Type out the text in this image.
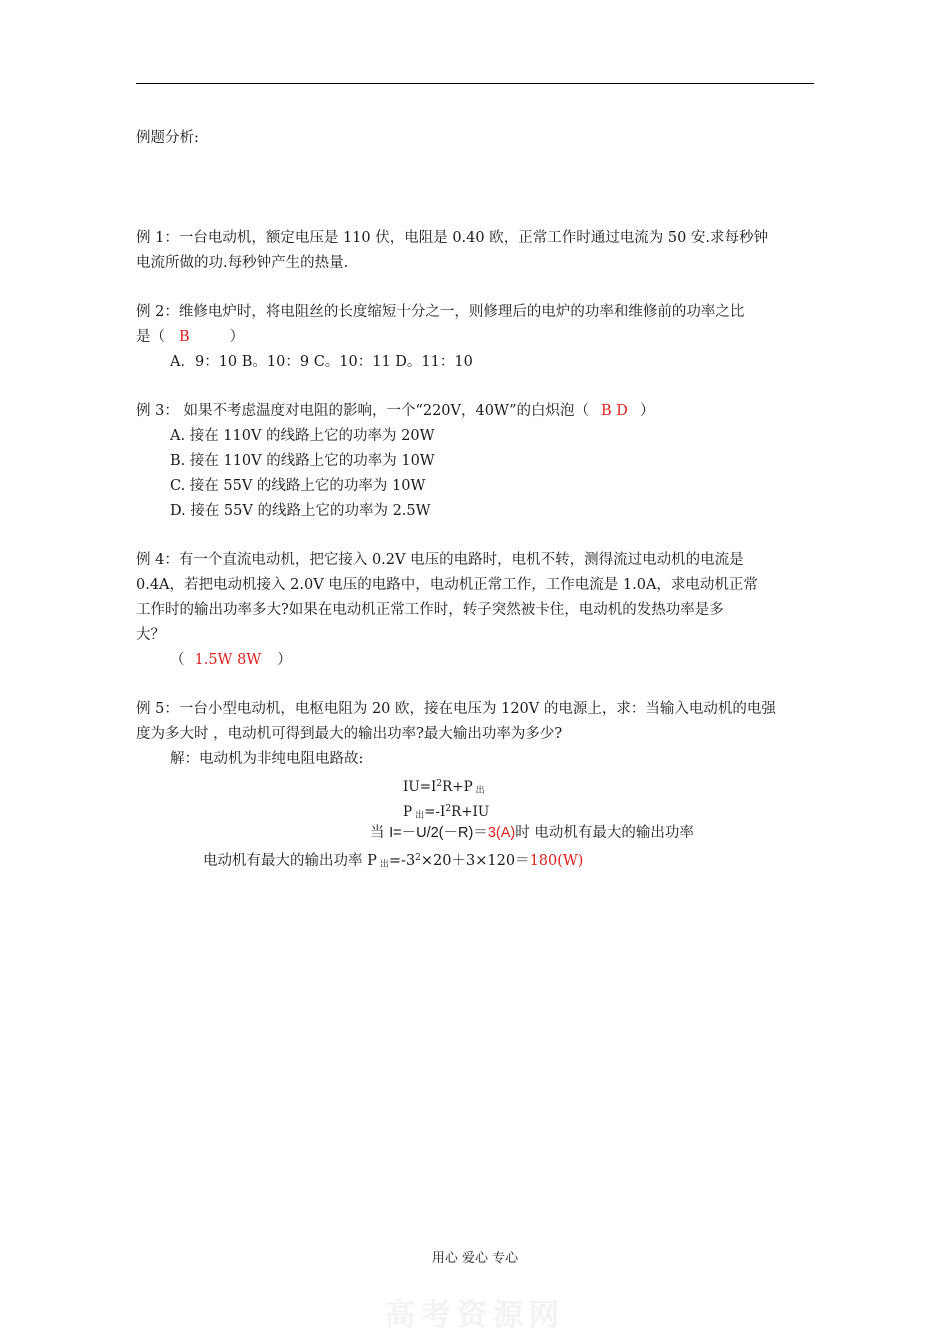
例题分析:
例 1：一台电动机，额定电压是 110 伏，电阻是 0.40 欧，正常工作时通过电流为 50 安.求每秒钟
电流所做的功.每秒钟产生的热量.
例 2：维修电炉时，将电阻丝的长度缩短十分之一，则修理后的电炉的功率和维修前的功率之比
是（ B	）
A．9：10 B。10：9 C。10：11 D。11：10
例 3： 如果不考虑温度对电阻的影响，一个“220V，40W”的白炽泡（ B D ）
A. 接在 110V 的线路上它的功率为 20W
B. 接在 110V 的线路上它的功率为 10W
C. 接在 55V 的线路上它的功率为 10W
D. 接在 55V 的线路上它的功率为 2.5W
例 4：有一个直流电动机，把它接入 0.2V 电压的电路时，电机不转，测得流过电动机的电流是
0.4A，若把电动机接入 2.0V 电压的电路中，电动机正常工作，工作电流是 1.0A，求电动机正常
工作时的输出功率多大?如果在电动机正常工作时，转子突然被卡住，电动机的发热功率是多
大？
（ 1.5W 8W ）
例 5：一台小型电动机，电枢电阻为 20 欧，接在电压为 120V 的电源上，求：当输入电动机的电强
度为多大时 ，电动机可得到最大的输出功率?最大输出功率为多少?
解：电动机为非纯电阻电路故:
$IU=I^2R+P$ $_出$
P $_出=-I^2R+IU$
当 I=－U/2(－R)＝3(A)时 电动机有最大的输出功率
电动机有最大的输出功率 P $_出=-3^2\times 20+3\times 120=180(W)$
用心 爱心 专心
高考资源网
